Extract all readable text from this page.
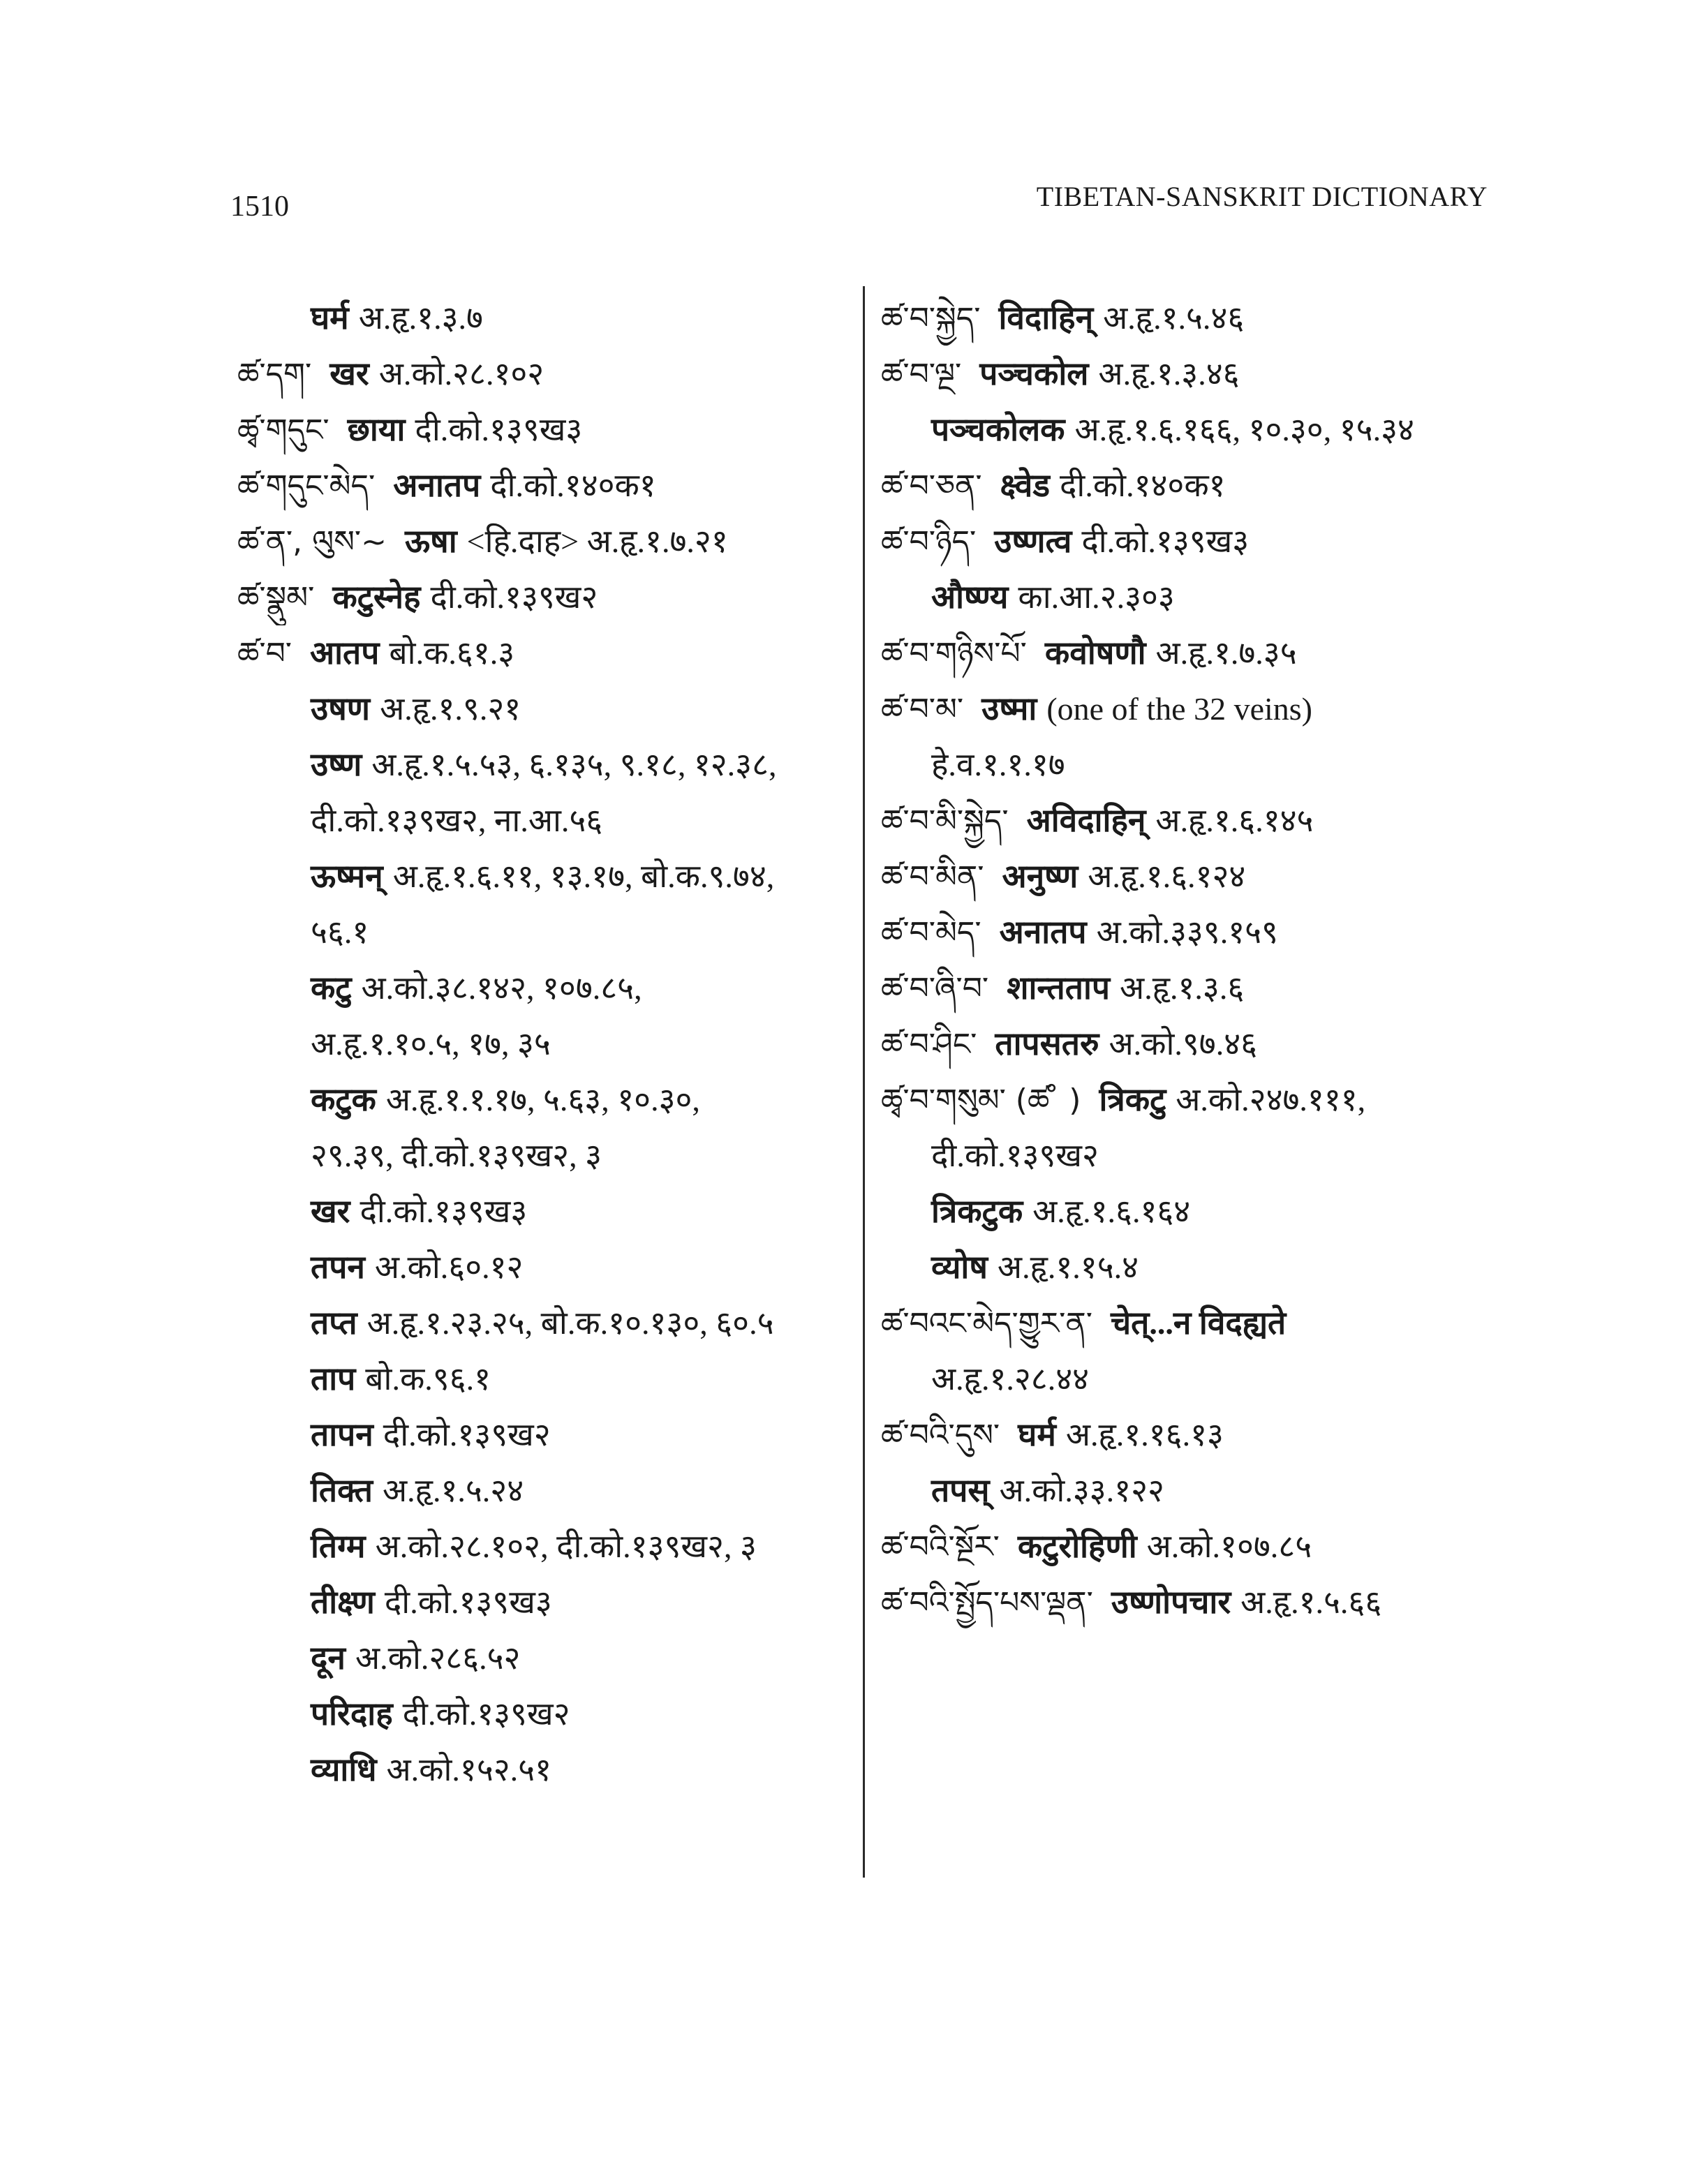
1510	TIBETAN-SANSKRIT DICTIONARY
घर्म अ.हृ.१.३.७
ཚ་དག་ खर अ.को.२८.१०२
ཚྭ་གདུང་ छाया दी.को.१३९ख३
ཚ་གདུང་མེད་ अनातप दी.को.१४०क१
ཚ་ན་, ལུས་~ ऊषा <हि.दाह> अ.हृ.१.७.२१
ཚ་སྣུམ་ कटुस्नेह दी.को.१३९ख२
ཚ་བ་ आतप बो.क.६१.३
उषण अ.हृ.१.९.२१
उष्ण अ.हृ.१.५.५३, ६.१३५, ९.१८, १२.३८,
दी.को.१३९ख२, ना.आ.५६
ऊष्मन् अ.हृ.१.६.११, १३.१७, बो.क.९.७४,
५६.१
कटु अ.को.३८.१४२, १०७.८५,
अ.हृ.१.१०.५, १७, ३५
कटुक अ.हृ.१.१.१७, ५.६३, १०.३०,
२९.३९, दी.को.१३९ख२, ३
खर दी.को.१३९ख३
तपन अ.को.६०.१२
तप्त अ.हृ.१.२३.२५, बो.क.१०.१३०, ६०.५
ताप बो.क.९६.१
तापन दी.को.१३९ख२
तिक्त अ.हृ.१.५.२४
तिग्म अ.को.२८.१०२, दी.को.१३९ख२, ३
तीक्ष्ण दी.को.१३९ख३
दून अ.को.२८६.५२
परिदाह दी.को.१३९ख२
व्याधि अ.को.१५२.५१
ཚ་བ་སྐྱེད་ विदाहिन् अ.हृ.१.५.४६
ཚ་བ་ལྔ་ पञ्चकोल अ.हृ.१.३.४६
पञ्चकोलक अ.हृ.१.६.१६६, १०.३०, १५.३४
ཚ་བ་ཅན་ क्ष्वेड दी.को.१४०क१
ཚ་བ་ཉིད་ उष्णत्व दी.को.१३९ख३
औष्ण्य का.आ.२.३०३
ཚ་བ་གཉིས་པོ་ कवोषणौ अ.हृ.१.७.३५
ཚ་བ་མ་ उष्मा (one of the 32 veins)
हे.व.१.१.१७
ཚ་བ་མི་སྐྱེད་ अविदाहिन् अ.हृ.१.६.१४५
ཚ་བ་མིན་ अनुष्ण अ.हृ.१.६.१२४
ཚ་བ་མེད་ अनातप अ.को.३३९.१५९
ཚ་བ་ཞི་བ་ शान्तताप अ.हृ.१.३.६
ཚ་བ་ཤིང་ तापसतरु अ.को.९७.४६
ཚྭ་བ་གསུམ་ (ཚ ̊ ) त्रिकटु अ.को.२४७.१११,
दी.को.१३९ख२
त्रिकटुक अ.हृ.१.६.१६४
व्योष अ.हृ.१.१५.४
ཚ་བའང་མེད་གྱུར་ན་ चेत्...न विदह्यते
अ.हृ.१.२८.४४
ཚ་བའི་དུས་ घर्म अ.हृ.१.१६.१३
तपस् अ.को.३३.१२२
ཚ་བའི་སྔོར་ कटुरोहिणी अ.को.१०७.८५
ཚ་བའི་སྤྱོད་པས་ལྡན་ उष्णोपचार अ.हृ.१.५.६६
